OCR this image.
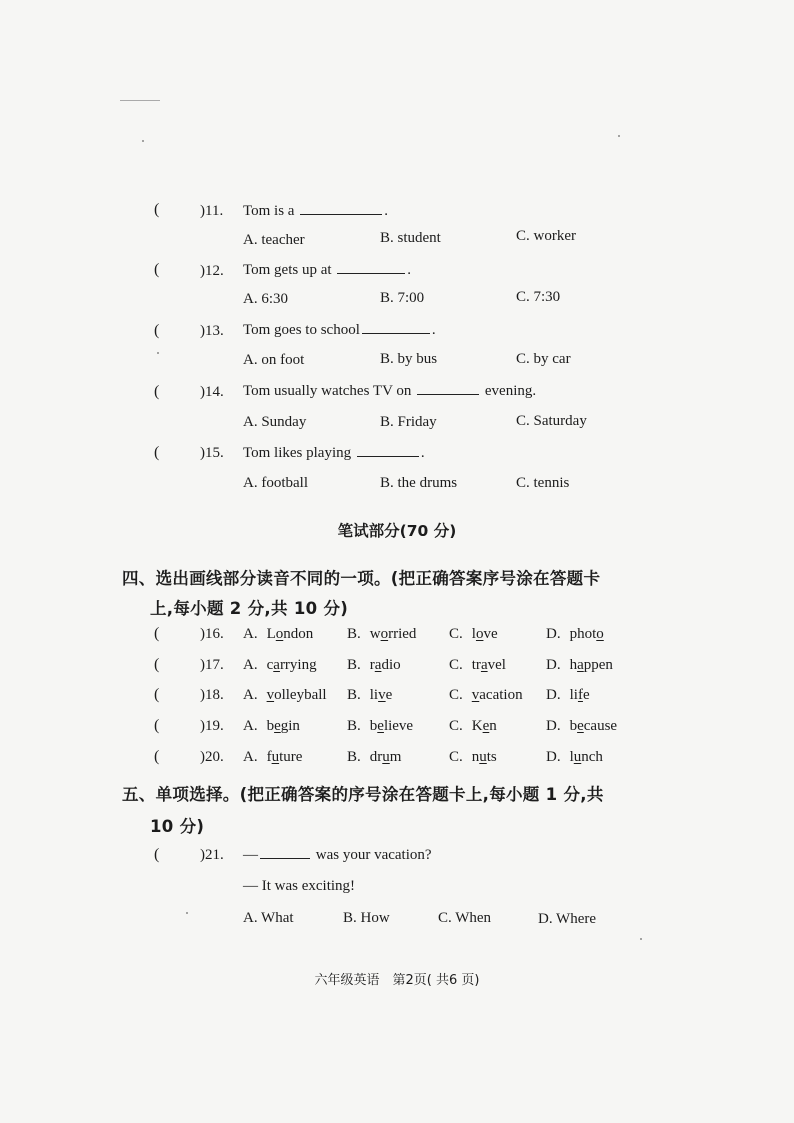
(	)11. Tom is a	.
A. teacher	B. student	C. worker
(	)12. Tom gets up at	.
A. 6:30	B. 7:00	C. 7:30
(	)13. Tom goes to school	.
A. on foot	B. by bus	C. by car
(	)14. Tom usually watches TV on	evening.
A. Sunday	B. Friday	C. Saturday
(	)15. Tom likes playing	.
A. football	B. the drums	C. tennis
笔试部分(70 分)
四、选出画线部分读音不同的一项。(把正确答案序号涂在答题卡
上,每小题 2 分,共 10 分)
(	)16. A. London B. worried C. love	D. photo
(	)17. A. carrying B. radio	C. travel	D. happen
(	)18. A. volleyball B. live	C. vacation D. life
(	)19. A. begin	B. believe C. Ken	D. because
(	)20. A. future	B. drum	C. nuts	D. lunch
五、单项选择。(把正确答案的序号涂在答题卡上,每小题 1 分,共
10 分)
(	)21. —	was your vacation?
— It was exciting!
A. What	B. How	C. When	D. Where
六年级英语　第2页( 共6 页)
